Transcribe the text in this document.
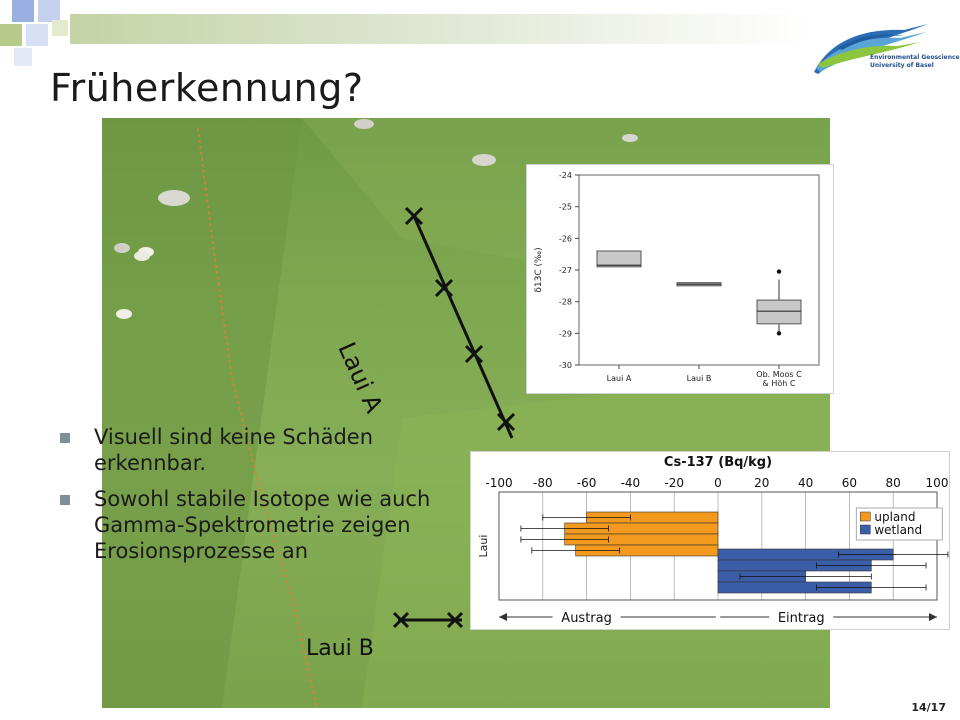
Environmental Geoscience
University of Basel
Früherkennung?
Laui A
Laui B
Visuell sind keine Schäden erkennbar.
Sowohl stabile Isotope wie auch Gamma-Spektrometrie zeigen Erosionsprozesse an
-24
-25
-26
-27
-28
-29
-30
δ13C (‰)
Laui A	Laui B	Ob. Moos C
& Höh C
Cs-137 (Bq/kg)
-100 -80 -60 -40 -20	0	20 40 60 80 100
Laui
upland
wetland
Austrag	Eintrag
14/17
